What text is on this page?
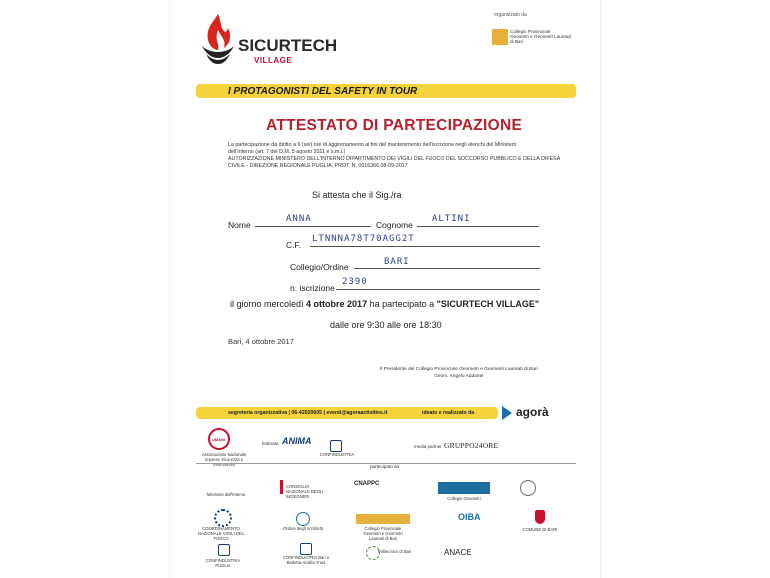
SICURTECH
VILLAGE
organizzato da
Collegio Provinciale
Geometri e Geometri Laureati
di Bari
I PROTAGONISTI DEL SAFETY IN TOUR
ATTESTATO DI PARTECIPAZIONE
La partecipazione dà diritto a 6 (sei) ore di aggiornamento ai fini del mantenimento dell'iscrizione negli elenchi del Ministero
dell'Interno (art. 7 del D.M. 5 agosto 2011 e s.m.i.)
AUTORIZZAZIONE MINISTERO DELL'INTERNO DIPARTIMENTO DEI VIGILI DEL FUOCO DEL SOCCORSO PUBBLICO E DELLA DIFESA
CIVILE - DIREZIONE REGIONALE PUGLIA, PROT. N. 0016366.08-09-2017
Si attesta che il Sig./ra
Nome
ANNA
Cognome
ALTINI
C.F.
LTNNNA78T70AGG2T
Collegio/Ordine	BARI
n. iscrizione
2390
il giorno mercoledì 4 ottobre 2017 ha partecipato a "SICURTECH VILLAGE"
dalle ore 9:30 alle ore 18:30
Bari, 4 ottobre 2017
Il Presidente del Collegio Provinciale Geometri e Geometri Laureati di Bari
Geom. Angelo Addante
segreteria organizzativa | 06-42020605 | eventi@agoraactivities.it	ideato e realizzato da	agorà
UMANI
Associazione Nazionale Imprese Sicurezza e Antincendio
federata ANIMA
CONFINDUSTRIA
media partner GRUPPO24ORE
partecipato da
Ministero dell'Interno
CONSIGLIO NAZIONALE DEGLI INGEGNERI
CNAPPC
Collegio Geometri
COORDINAMENTO NAZIONALE VIGILI DEL FUOCO
Ordine degli Architetti	Collegio Provinciale Geometri e Geometri Laureati di Bari
OIBA
COMUNE DI BARI
CONFINDUSTRIA PUGLIA
CONFINDUSTRIA Bari e Barletta-Andria-Trani
Politecnico di Bari	ANACE
